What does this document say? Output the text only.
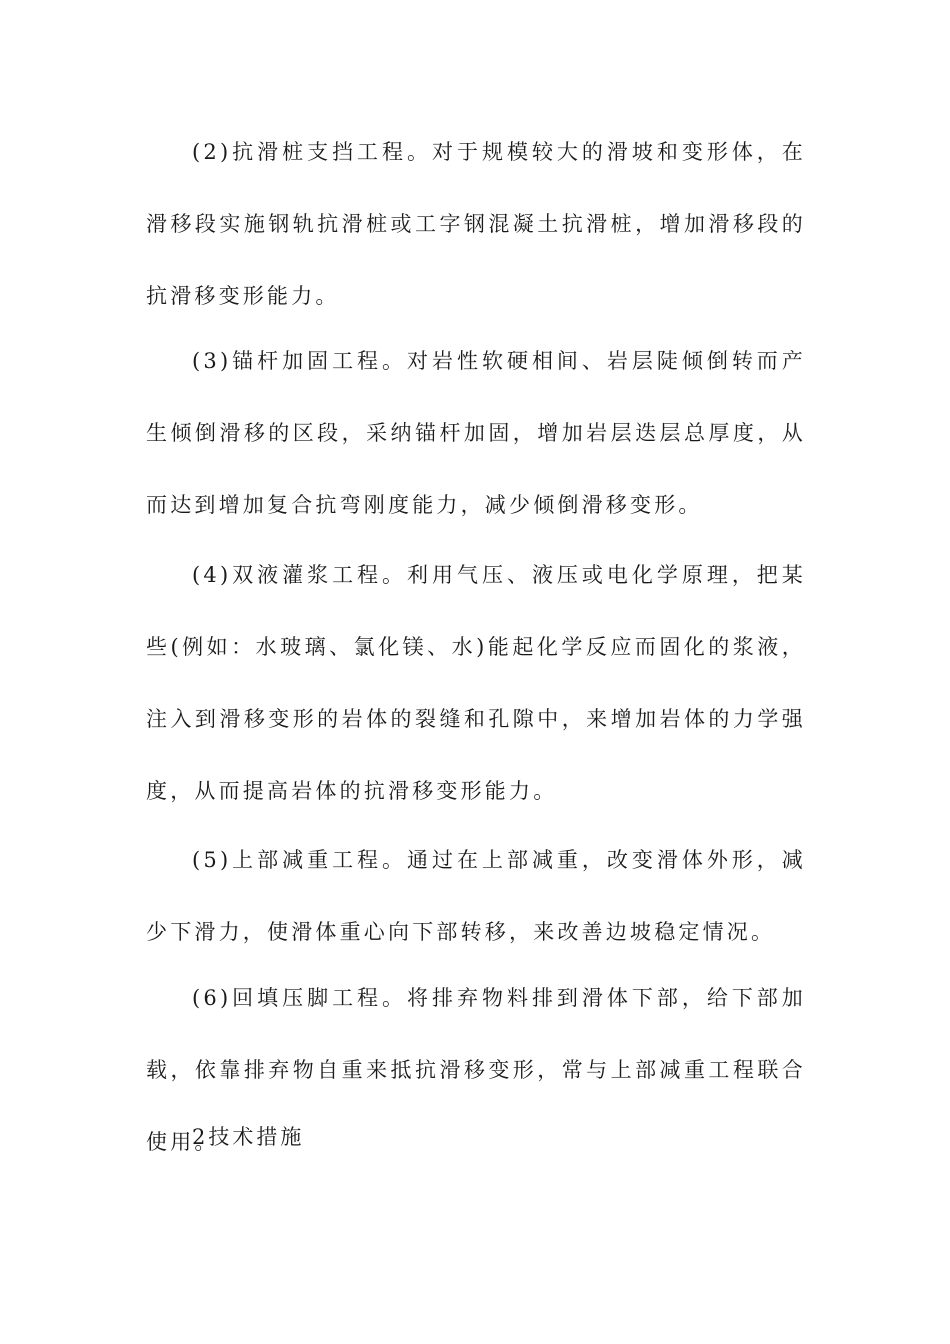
(2)抗滑桩支挡工程。对于规模较大的滑坡和变形体，在滑移段实施钢轨抗滑桩或工字钢混凝土抗滑桩，增加滑移段的抗滑移变形能力。

(3)锚杆加固工程。对岩性软硬相间、岩层陡倾倒转而产生倾倒滑移的区段，采纳锚杆加固，增加岩层迭层总厚度，从而达到增加复合抗弯刚度能力，减少倾倒滑移变形。

(4)双液灌浆工程。利用气压、液压或电化学原理，把某些(例如：水玻璃、氯化镁、水)能起化学反应而固化的浆液，注入到滑移变形的岩体的裂缝和孔隙中，来增加岩体的力学强度，从而提高岩体的抗滑移变形能力。

(5)上部减重工程。通过在上部减重，改变滑体外形，减少下滑力，使滑体重心向下部转移，来改善边坡稳定情况。

(6)回填压脚工程。将排弃物料排到滑体下部，给下部加载，依靠排弃物自重来抵抗滑移变形，常与上部减重工程联合使用。

2技术措施
